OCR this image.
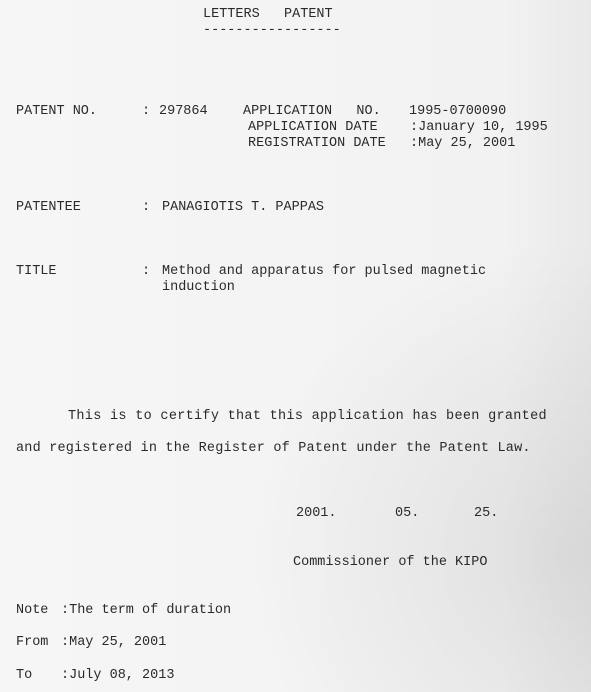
LETTERS   PATENT
-----------------
PATENT NO.	: 297864	APPLICATION   NO. 1995-0700090
APPLICATION DATE :January 10, 1995
REGISTRATION DATE :May 25, 2001
PATENTEE	: PANAGIOTIS T. PAPPAS
TITLE	: Method and apparatus for pulsed magnetic
induction
This is to certify that this application has been granted
and registered in the Register of Patent under the Patent Law.
2001.	05.	25.
Commissioner of the KIPO
Note :The term of duration
From :May 25, 2001
To :July 08, 2013
